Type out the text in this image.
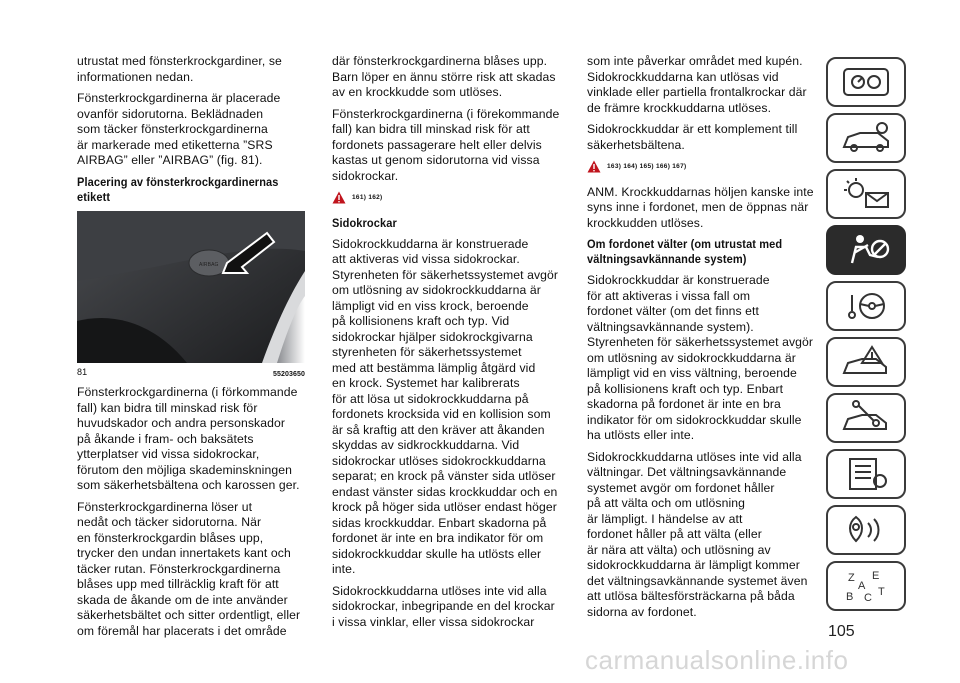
utrustat med fönsterkrockgardiner, se
informationen nedan.

Fönsterkrockgardinerna är placerade
ovanför sidorutorna. Beklädnaden
som täcker fönsterkrockgardinerna
är markerade med etiketterna ”SRS
AIRBAG” eller ”AIRBAG” (fig. 81).

Placering av fönsterkrockgardinernas
etikett
AIRBAG
81	55203650

Fönsterkrockgardinerna (i förkommande
fall) kan bidra till minskad risk för
huvudskador och andra personskador
på åkande i fram- och baksätets
ytterplatser vid vissa sidokrockar,
förutom den möjliga skademinskningen
som säkerhetsbältena och karossen ger.

Fönsterkrockgardinerna löser ut
nedåt och täcker sidorutorna. När
en fönsterkrockgardin blåses upp,
trycker den undan innertakets kant och
täcker rutan. Fönsterkrockgardinerna
blåses upp med tillräcklig kraft för att
skada de åkande om de inte använder
säkerhetsbältet och sitter ordentligt, eller
om föremål har placerats i det område

där fönsterkrockgardinerna blåses upp.
Barn löper en ännu större risk att skadas
av en krockkudde som utlöses.

Fönsterkrockgardinerna (i förekommande
fall) kan bidra till minskad risk för att
fordonets passagerare helt eller delvis
kastas ut genom sidorutorna vid vissa
sidokrockar.

161) 162)
Sidokrockar

Sidokrockkuddarna är konstruerade
att aktiveras vid vissa sidokrockar.
Styrenheten för säkerhetssystemet avgör
om utlösning av sidokrockkuddarna är
lämpligt vid en viss krock, beroende
på kollisionens kraft och typ. Vid
sidokrockar hjälper sidokrockgivarna
styrenheten för säkerhetssystemet
med att bestämma lämplig åtgärd vid
en krock. Systemet har kalibrerats
för att lösa ut sidokrockkuddarna på
fordonets krocksida vid en kollision som
är så kraftig att den kräver att åkanden
skyddas av sidkrockkuddarna. Vid
sidokrockar utlöses sidokrockkuddarna
separat; en krock på vänster sida utlöser
endast vänster sidas krockkuddar och en
krock på höger sida utlöser endast höger
sidas krockkuddar. Enbart skadorna på
fordonet är inte en bra indikator för om
sidokrockkuddar skulle ha utlösts eller
inte.

Sidokrockkuddarna utlöses inte vid alla
sidokrockar, inbegripande en del krockar
i vissa vinklar, eller vissa sidokrockar

som inte påverkar området med kupén.
Sidokrockkuddarna kan utlösas vid
vinklade eller partiella frontalkrockar där
de främre krockkuddarna utlöses.

Sidokrockkuddar är ett komplement till
säkerhetsbältena.

163) 164) 165) 166) 167)

ANM. Krockkuddarnas höljen kanske inte
syns inne i fordonet, men de öppnas när
krockkudden utlöses.

Om fordonet välter (om utrustat med
vältningsavkännande system)

Sidokrockkuddar är konstruerade
för att aktiveras i vissa fall om
fordonet välter (om det finns ett
vältningsavkännande system).
Styrenheten för säkerhetssystemet avgör
om utlösning av sidokrockkuddarna är
lämpligt vid en viss vältning, beroende
på kollisionens kraft och typ. Enbart
skadorna på fordonet är inte en bra
indikator för om sidokrockkuddar skulle
ha utlösts eller inte.

Sidokrockkuddarna utlöses inte vid alla
vältningar. Det vältningsavkännande
systemet avgör om fordonet håller
på att välta och om utlösning
är lämpligt. I händelse av att
fordonet håller på att välta (eller
är nära att välta) och utlösning av
sidokrockkuddarna är lämpligt kommer
det vältningsavkännande systemet även
att utlösa bältesförsträckarna på båda
sidorna av fordonet.

Z E
A
B C T
105
carmanualsonline.info
